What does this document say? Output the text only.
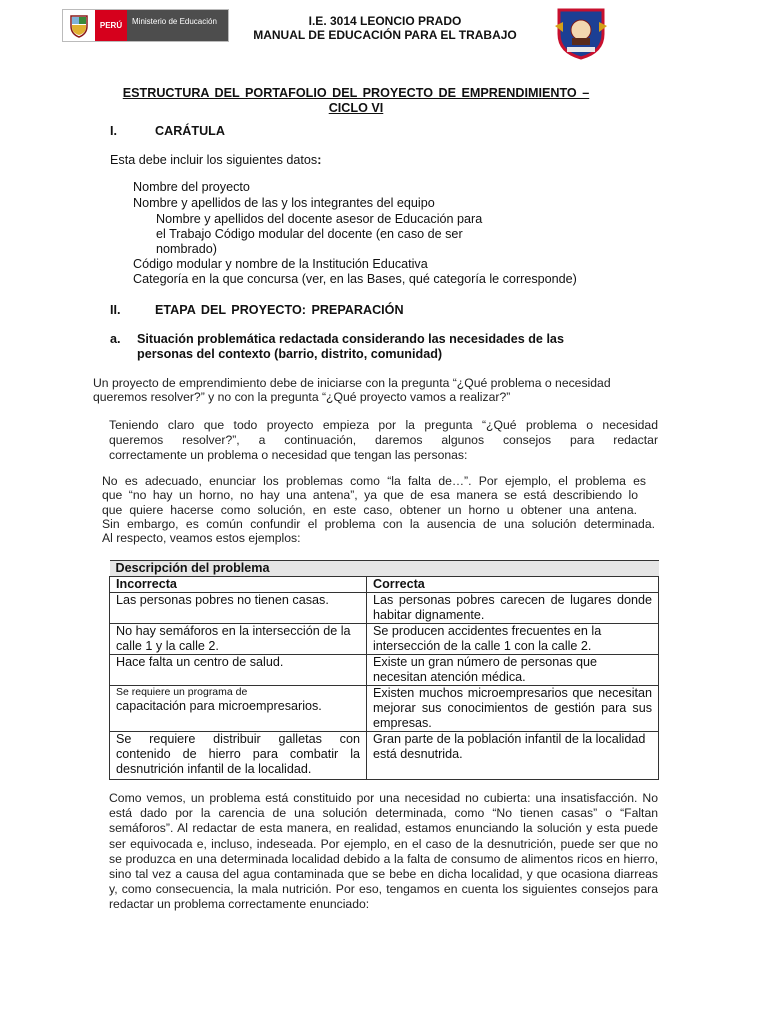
PERÚ	Ministerio de Educación	I.E. 3014 LEONCIO PRADO
MANUAL DE EDUCACIÓN PARA EL TRABAJO
ESTRUCTURA DEL PORTAFOLIO DEL PROYECTO DE EMPRENDIMIENTO –
CICLO VI
I.	CARÁTULA
Esta debe incluir los siguientes datos:
Nombre del proyecto
Nombre y apellidos de las y los integrantes del equipo
Nombre y apellidos del docente asesor de Educación para
el Trabajo Código modular del docente (en caso de ser
nombrado)
Código modular y nombre de la Institución Educativa
Categoría en la que concursa (ver, en las Bases, qué categoría le corresponde)
II.	ETAPA DEL PROYECTO: PREPARACIÓN
a. Situación problemática redactada considerando las necesidades de las
personas del contexto (barrio, distrito, comunidad)
Un proyecto de emprendimiento debe de iniciarse con la pregunta “¿Qué problema o necesidad
queremos resolver?” y no con la pregunta “¿Qué proyecto vamos a realizar?”
Teniendo claro que todo proyecto empieza por la pregunta “¿Qué problema o necesidad
queremos resolver?”, a continuación, daremos algunos consejos para redactar
correctamente un problema o necesidad que tengan las personas:
No es adecuado, enunciar los problemas como “la falta de…”. Por ejemplo, el problema es
que “no hay un horno, no hay una antena”, ya que de esa manera se está describiendo lo
que quiere hacerse como solución, en este caso, obtener un horno u obtener una antena.
Sin embargo, es común confundir el problema con la ausencia de una solución determinada.
Al respecto, veamos estos ejemplos:
Descripción del problema	
Incorrecta	Correcta
Las personas pobres no tienen casas.	Las personas pobres carecen de lugares donde habitar dignamente.
No hay semáforos en la intersección de la calle 1 y la calle 2.	Se producen accidentes frecuentes en la intersección de la calle 1 con la calle 2.
Hace falta un centro de salud.	Existe un gran número de personas que necesitan atención médica.

Se requiere un programa de
capacitación para microempresarios.	Existen muchos microempresarios que necesitan mejorar sus conocimientos de gestión para sus empresas.
Se requiere distribuir galletas con contenido de hierro para combatir la desnutrición infantil de la localidad.	Gran parte de la población infantil de la localidad está desnutrida.
Como vemos, un problema está constituido por una necesidad no cubierta: una insatisfacción. No está dado por la carencia de una solución determinada, como “No tienen casas” o “Faltan semáforos”. Al redactar de esta manera, en realidad, estamos enunciando la solución y esta puede ser equivocada e, incluso, indeseada. Por ejemplo, en el caso de la desnutrición, puede ser que no se produzca en una determinada localidad debido a la falta de consumo de alimentos ricos en hierro, sino tal vez a causa del agua contaminada que se bebe en dicha localidad, y que ocasiona diarreas y, como consecuencia, la mala nutrición. Por eso, tengamos en cuenta los siguientes consejos para redactar un problema correctamente enunciado:
